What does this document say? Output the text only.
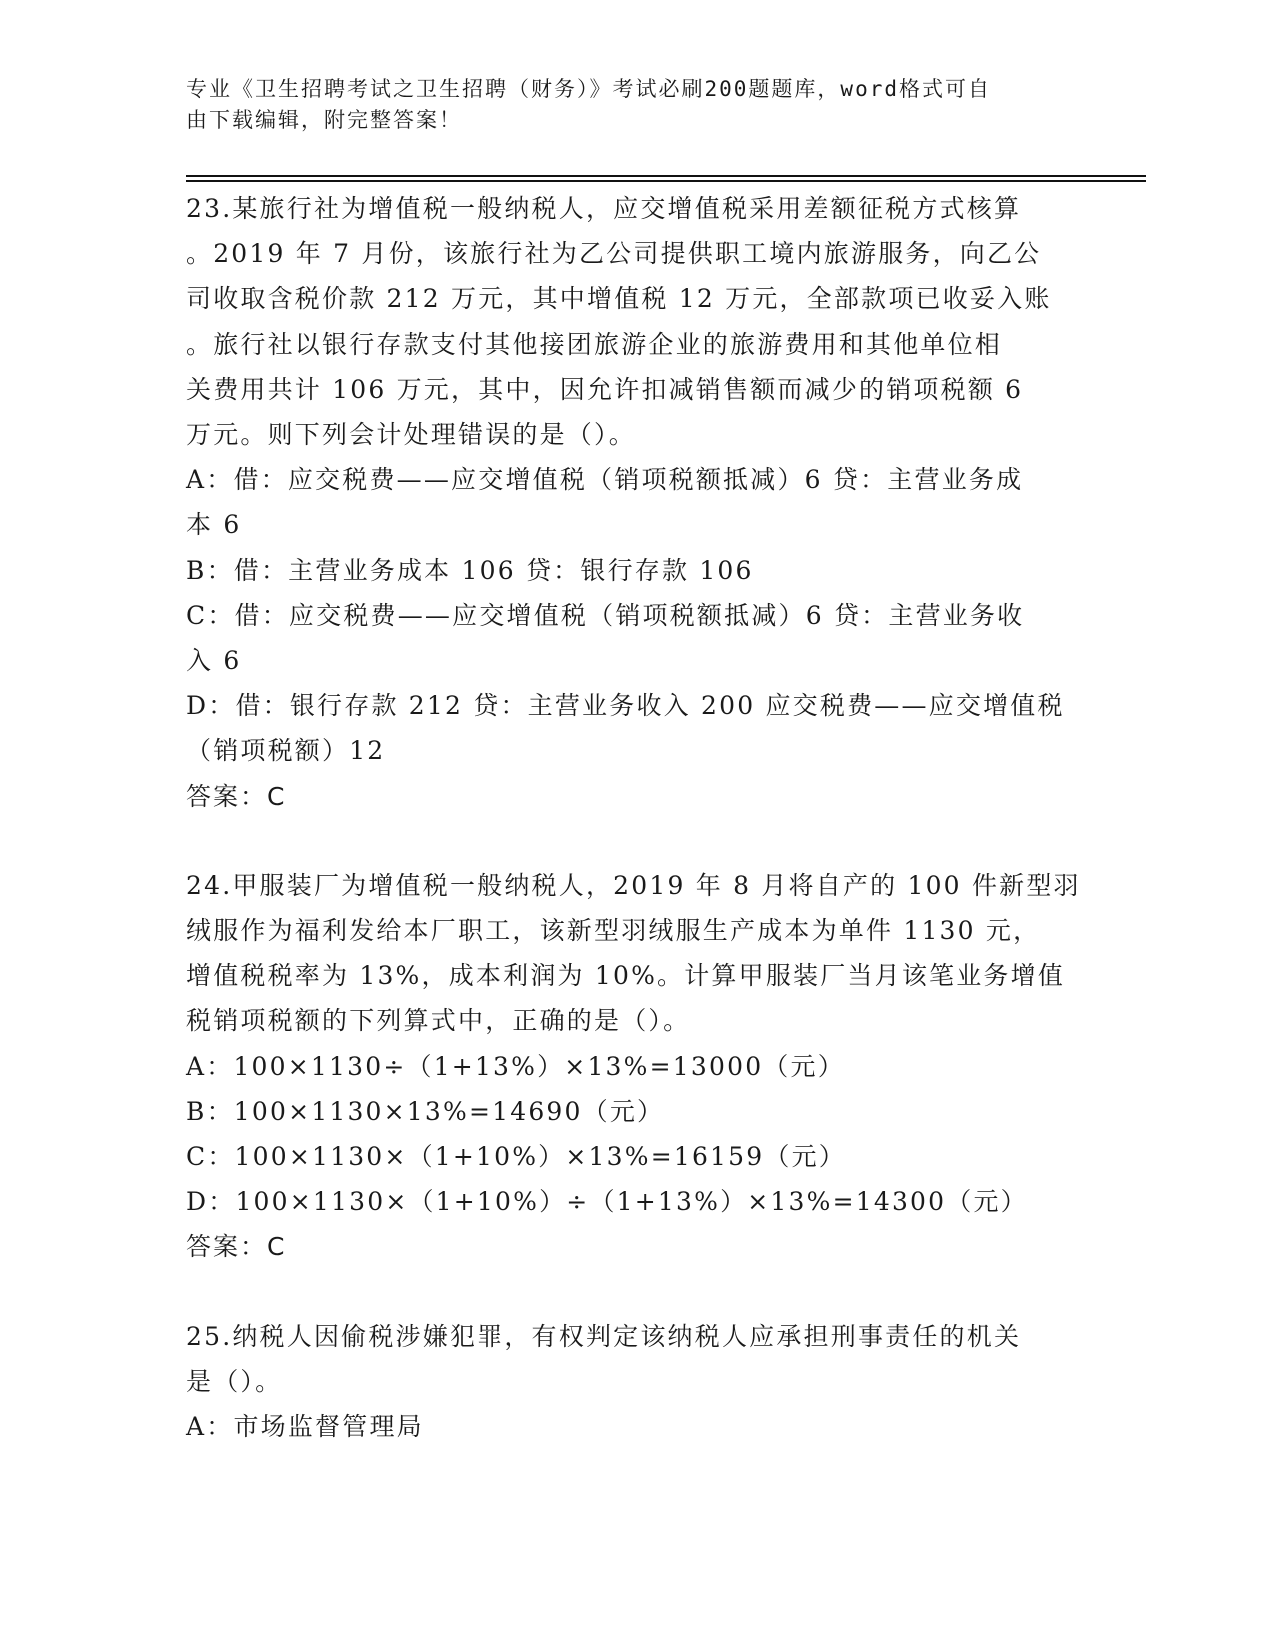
专业《卫生招聘考试之卫生招聘（财务）》考试必刷200题题库，word格式可自
由下载编辑，附完整答案！

23.某旅行社为增值税一般纳税人，应交增值税采用差额征税方式核算

。2019 年 7 月份，该旅行社为乙公司提供职工境内旅游服务，向乙公

司收取含税价款 212 万元，其中增值税 12 万元，全部款项已收妥入账

。旅行社以银行存款支付其他接团旅游企业的旅游费用和其他单位相

关费用共计 106 万元，其中，因允许扣减销售额而减少的销项税额 6

万元。则下列会计处理错误的是（）。

A：借：应交税费——应交增值税（销项税额抵减）6 贷：主营业务成

本 6

B：借：主营业务成本 106 贷：银行存款 106

C：借：应交税费——应交增值税（销项税额抵减）6 贷：主营业务收

入 6

D：借：银行存款 212 贷：主营业务收入 200 应交税费——应交增值税

（销项税额）12

答案：C

24.甲服装厂为增值税一般纳税人，2019 年 8 月将自产的 100 件新型羽

绒服作为福利发给本厂职工，该新型羽绒服生产成本为单件 1130 元，

增值税税率为 13%，成本利润为 10%。计算甲服装厂当月该笔业务增值

税销项税额的下列算式中，正确的是（）。

A：100×1130÷（1+13%）×13%=13000（元）

B：100×1130×13%=14690（元）

C：100×1130×（1+10%）×13%=16159（元）

D：100×1130×（1+10%）÷（1+13%）×13%=14300（元）

答案：C

25.纳税人因偷税涉嫌犯罪，有权判定该纳税人应承担刑事责任的机关

是（）。

A：市场监督管理局
